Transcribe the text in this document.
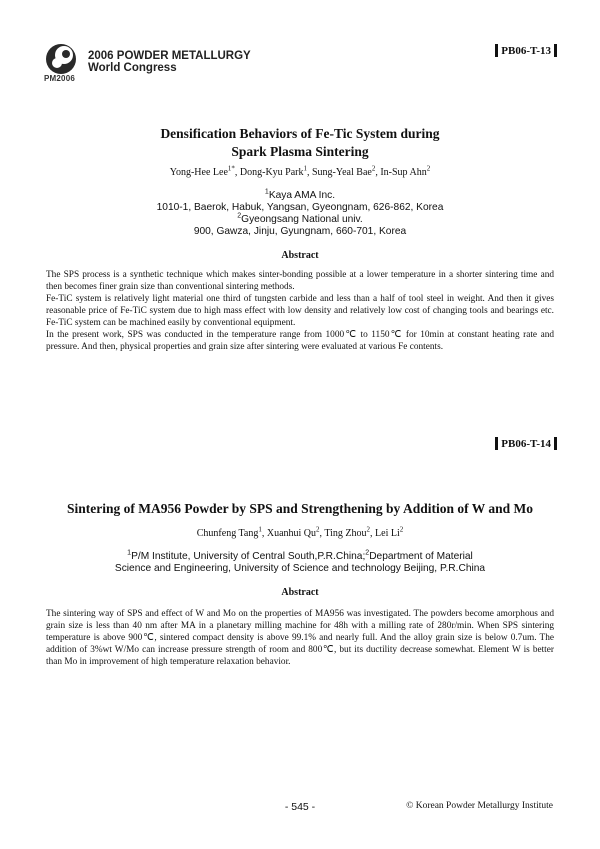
PM2006
2006 POWDER METALLURGY
World Congress
PB06-T-13
Densification Behaviors of Fe-Tic System during
Spark Plasma Sintering
Yong-Hee Lee$^{1*}$, Dong-Kyu Park$^1$, Sung-Yeal Bae$^2$, In-Sup Ahn$^2$
$^1$Kaya AMA Inc.
1010-1, Baerok, Habuk, Yangsan, Gyeongnam, 626-862, Korea
$^2$Gyeongsang National univ.
900, Gawza, Jinju, Gyungnam, 660-701, Korea
Abstract

The SPS process is a synthetic technique which makes sinter-bonding possible at a lower temperature in a shorter sintering time and then becomes finer grain size than conventional sintering methods.

Fe-TiC system is relatively light material one third of tungsten carbide and less than a half of tool steel in weight. And then it gives reasonable price of Fe-TiC system due to high mass effect with low density and relatively low cost of changing tools and bearings etc. Fe-TiC system can be machined easily by conventional equipment.

In the present work, SPS was conducted in the temperature range from 1000℃ to 1150℃ for 10min at constant heating rate and pressure. And then, physical properties and grain size after sintering were evaluated at various Fe contents.

PB06-T-14
Sintering of MA956 Powder by SPS and Strengthening by Addition of W and Mo
Chunfeng Tang$^1$, Xuanhui Qu$^2$, Ting Zhou$^2$, Lei Li$^2$
$^1$P/M Institute, University of Central South,P.R.China;$^2$Department of Material
Science and Engineering, University of Science and technology Beijing, P.R.China
Abstract

The sintering way of SPS and effect of W and Mo on the properties of MA956 was investigated. The powders become amorphous and grain size is less than 40 nm after MA in a planetary milling machine for 48h with a milling rate of 280r/min. When SPS sintering temperature is above 900℃, sintered compact density is above 99.1% and nearly full. And the alloy grain size is below 0.7um. The addition of 3%wt W/Mo can increase pressure strength of room and 800℃, but its ductility decrease somewhat. Element W is better than Mo in improvement of high temperature relaxation behavior.

- 545 -	© Korean Powder Metallurgy Institute
